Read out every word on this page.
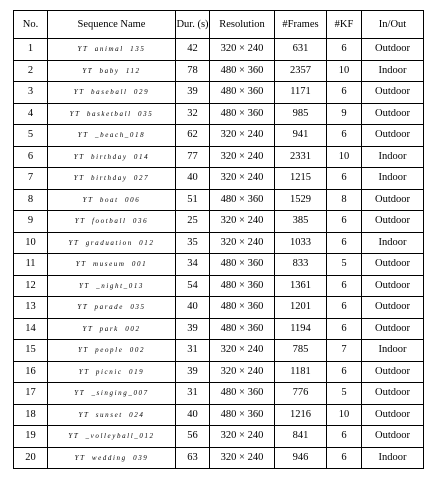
No.	Sequence Name	Dur. (s)	Resolution	#Frames	#KF	In/Out
1	YT animal 135	42	320 × 240	631	6	Outdoor
2	YT baby 112	78	480 × 360	2357	10	Indoor
3	YT baseball 029	39	480 × 360	1171	6	Outdoor
4	YT basketball 035	32	480 × 360	985	9	Outdoor
5	YT _beach_018	62	320 × 240	941	6	Outdoor
6	YT birthday 014	77	320 × 240	2331	10	Indoor
7	YT birthday 027	40	320 × 240	1215	6	Indoor
8	YT boat 006	51	480 × 360	1529	8	Outdoor
9	YT football 036	25	320 × 240	385	6	Outdoor
10	YT graduation 012	35	320 × 240	1033	6	Indoor
11	YT museum 001	34	480 × 360	833	5	Outdoor
12	YT _night_013	54	480 × 360	1361	6	Outdoor
13	YT parade 035	40	480 × 360	1201	6	Outdoor
14	YT park 002	39	480 × 360	1194	6	Outdoor
15	YT people 002	31	320 × 240	785	7	Indoor
16	YT picnic 019	39	320 × 240	1181	6	Outdoor
17	YT _singing_007	31	480 × 360	776	5	Outdoor
18	YT sunset 024	40	480 × 360	1216	10	Outdoor
19	YT _volleyball_012	56	320 × 240	841	6	Outdoor
20	YT wedding 039	63	320 × 240	946	6	Indoor
